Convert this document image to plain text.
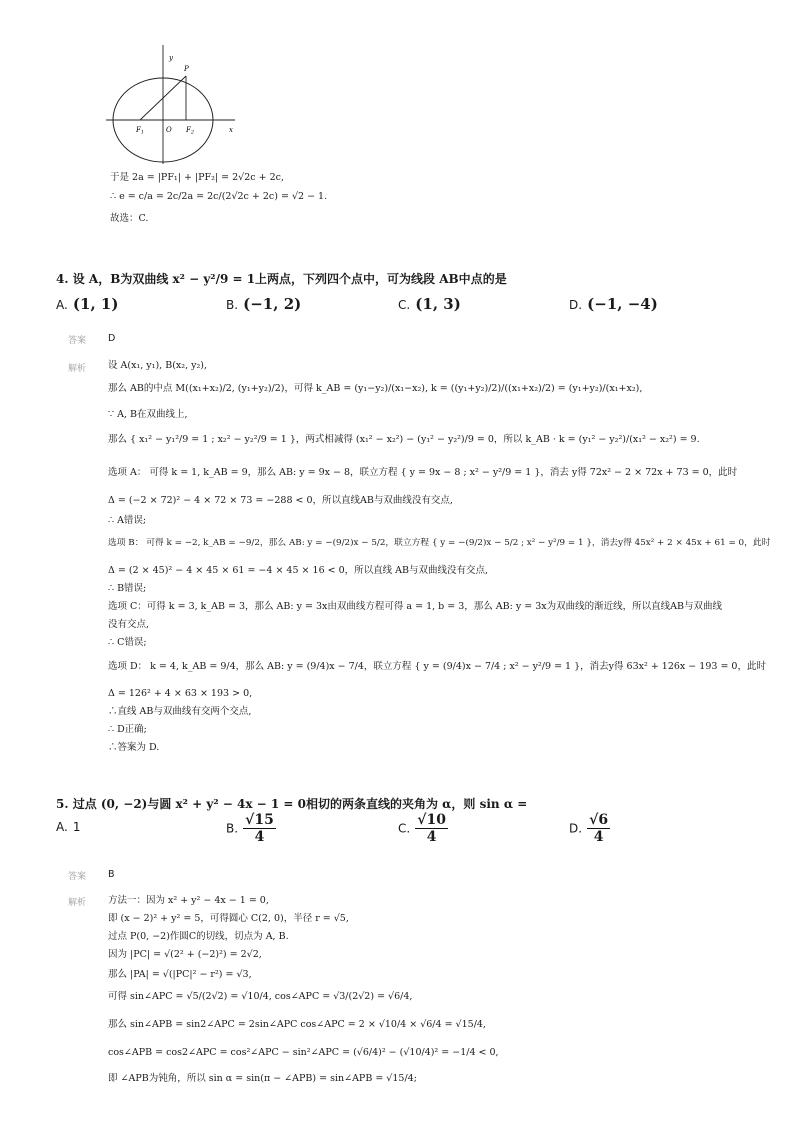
y
P
$F_1$	O $F_2$	x
于是 2a = |PF₁| + |PF₂| = 2√2c + 2c,
∴ e = c/a = 2c/2a = 2c/(2√2c + 2c) = √2 − 1.
故选：C.
4. 设 A，B为双曲线 x² − y²/9 = 1上两点，下列四个点中，可为线段 AB中点的是
A. (1, 1)	B. (−1, 2)	C. (1, 3)	D. (−1, −4)
答案 D
解析 设 A(x₁, y₁), B(x₂, y₂),
那么 AB的中点 M((x₁+x₂)/2, (y₁+y₂)/2)，可得 k_AB = (y₁−y₂)/(x₁−x₂), k = ((y₁+y₂)/2)/((x₁+x₂)/2) = (y₁+y₂)/(x₁+x₂),
∵ A, B在双曲线上,
那么 { x₁² − y₁²/9 = 1 ; x₂² − y₂²/9 = 1 }，两式相减得 (x₁² − x₂²) − (y₁² − y₂²)/9 = 0，所以 k_AB · k = (y₁² − y₂²)/(x₁² − x₂²) = 9.
选项 A： 可得 k = 1, k_AB = 9，那么 AB: y = 9x − 8，联立方程 { y = 9x − 8 ; x² − y²/9 = 1 }，消去 y得 72x² − 2 × 72x + 73 = 0，此时
Δ = (−2 × 72)² − 4 × 72 × 73 = −288 < 0，所以直线AB与双曲线没有交点,
∴ A错误;
选项 B： 可得 k = −2, k_AB = −9/2，那么 AB: y = −(9/2)x − 5/2，联立方程 { y = −(9/2)x − 5/2 ; x² − y²/9 = 1 }，消去y得 45x² + 2 × 45x + 61 = 0，此时
Δ = (2 × 45)² − 4 × 45 × 61 = −4 × 45 × 16 < 0，所以直线 AB与双曲线没有交点,
∴ B错误;
选项 C：可得 k = 3, k_AB = 3，那么 AB: y = 3x由双曲线方程可得 a = 1, b = 3，那么 AB: y = 3x为双曲线的渐近线，所以直线AB与双曲线
没有交点,
∴ C错误;
选项 D： k = 4, k_AB = 9/4，那么 AB: y = (9/4)x − 7/4，联立方程 { y = (9/4)x − 7/4 ; x² − y²/9 = 1 }，消去y得 63x² + 126x − 193 = 0，此时
Δ = 126² + 4 × 63 × 193 > 0,
∴直线 AB与双曲线有交两个交点,
∴ D正确;
∴答案为 D.
5. 过点 (0, −2)与圆 x² + y² − 4x − 1 = 0相切的两条直线的夹角为 α，则 sin α =
A. 1	B. $\frac{√15}{4}$	C. $\frac{√10}{4}$	D. $\frac{√6}{4}$
答案 B
解析 方法一：因为 x² + y² − 4x − 1 = 0,
即 (x − 2)² + y² = 5，可得圆心 C(2, 0)，半径 r = √5,
过点 P(0, −2)作圆C的切线，切点为 A, B.
因为 |PC| = √(2² + (−2)²) = 2√2,
那么 |PA| = √(|PC|² − r²) = √3,
可得 sin∠APC = √5/(2√2) = √10/4, cos∠APC = √3/(2√2) = √6/4,
那么 sin∠APB = sin2∠APC = 2sin∠APC cos∠APC = 2 × √10/4 × √6/4 = √15/4,
cos∠APB = cos2∠APC = cos²∠APC − sin²∠APC = (√6/4)² − (√10/4)² = −1/4 < 0,
即 ∠APB为钝角，所以 sin α = sin(π − ∠APB) = sin∠APB = √15/4;
